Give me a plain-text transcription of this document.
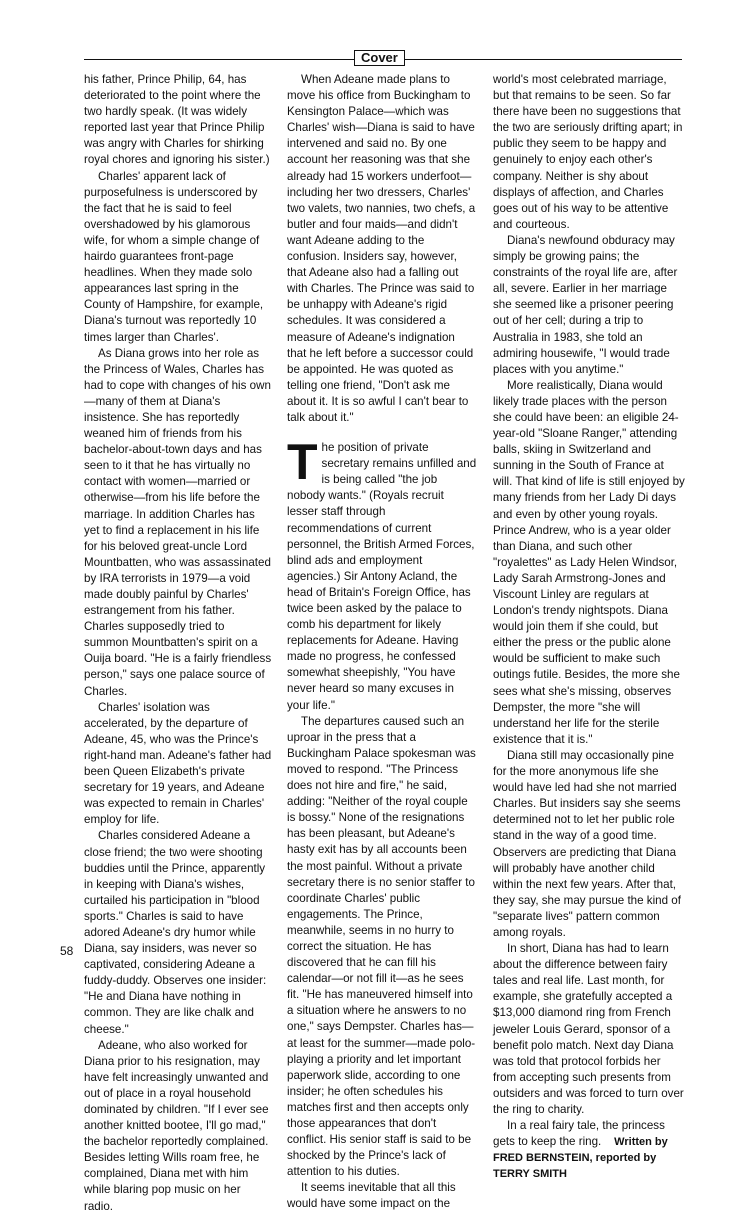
Cover

his father, Prince Philip, 64, has deteriorated to the point where the two hardly speak. (It was widely reported last year that Prince Philip was angry with Charles for shirking royal chores and ignoring his sister.)

Charles' apparent lack of purposefulness is underscored by the fact that he is said to feel overshadowed by his glamorous wife, for whom a simple change of hairdo guarantees front-page headlines. When they made solo appearances last spring in the County of Hampshire, for example, Diana's turnout was reportedly 10 times larger than Charles'.

As Diana grows into her role as the Princess of Wales, Charles has had to cope with changes of his own—many of them at Diana's insistence. She has reportedly weaned him of friends from his bachelor-about-town days and has seen to it that he has virtually no contact with women—married or otherwise—from his life before the marriage. In addition Charles has yet to find a replacement in his life for his beloved great-uncle Lord Mountbatten, who was assassinated by IRA terrorists in 1979—a void made doubly painful by Charles' estrangement from his father. Charles supposedly tried to summon Mountbatten's spirit on a Ouija board. "He is a fairly friendless person," says one palace source of Charles.

Charles' isolation was accelerated, by the departure of Adeane, 45, who was the Prince's right-hand man. Adeane's father had been Queen Elizabeth's private secretary for 19 years, and Adeane was expected to remain in Charles' employ for life.

Charles considered Adeane a close friend; the two were shooting buddies until the Prince, apparently in keeping with Diana's wishes, curtailed his participation in "blood sports." Charles is said to have adored Adeane's dry humor while Diana, say insiders, was never so captivated, considering Adeane a fuddy-duddy. Observes one insider: "He and Diana have nothing in common. They are like chalk and cheese."

Adeane, who also worked for Diana prior to his resignation, may have felt increasingly unwanted and out of place in a royal household dominated by children. "If I ever see another knitted bootee, I'll go mad," the bachelor reportedly complained. Besides letting Wills roam free, he complained, Diana met with him while blaring pop music on her radio.

When Adeane made plans to move his office from Buckingham to Kensington Palace—which was Charles' wish—Diana is said to have intervened and said no. By one account her reasoning was that she already had 15 workers underfoot—including her two dressers, Charles' two valets, two nannies, two chefs, a butler and four maids—and didn't want Adeane adding to the confusion. Insiders say, however, that Adeane also had a falling out with Charles. The Prince was said to be unhappy with Adeane's rigid schedules. It was considered a measure of Adeane's indignation that he left before a successor could be appointed. He was quoted as telling one friend, "Don't ask me about it. It is so awful I can't bear to talk about it."

The position of private secretary remains unfilled and is being called "the job nobody wants." (Royals recruit lesser staff through recommendations of current personnel, the British Armed Forces, blind ads and employment agencies.) Sir Antony Acland, the head of Britain's Foreign Office, has twice been asked by the palace to comb his department for likely replacements for Adeane. Having made no progress, he confessed somewhat sheepishly, "You have never heard so many excuses in your life."

The departures caused such an uproar in the press that a Buckingham Palace spokesman was moved to respond. "The Princess does not hire and fire," he said, adding: "Neither of the royal couple is bossy." None of the resignations has been pleasant, but Adeane's hasty exit has by all accounts been the most painful. Without a private secretary there is no senior staffer to coordinate Charles' public engagements. The Prince, meanwhile, seems in no hurry to correct the situation. He has discovered that he can fill his calendar—or not fill it—as he sees fit. "He has maneuvered himself into a situation where he answers to no one," says Dempster. Charles has—at least for the summer—made polo-playing a priority and let important paperwork slide, according to one insider; he often schedules his matches first and then accepts only those appearances that don't conflict. His senior staff is said to be shocked by the Prince's lack of attention to his duties.

It seems inevitable that all this would have some impact on the

world's most celebrated marriage, but that remains to be seen. So far there have been no suggestions that the two are seriously drifting apart; in public they seem to be happy and genuinely to enjoy each other's company. Neither is shy about displays of affection, and Charles goes out of his way to be attentive and courteous.

Diana's newfound obduracy may simply be growing pains; the constraints of the royal life are, after all, severe. Earlier in her marriage she seemed like a prisoner peering out of her cell; during a trip to Australia in 1983, she told an admiring housewife, "I would trade places with you anytime."

More realistically, Diana would likely trade places with the person she could have been: an eligible 24-year-old "Sloane Ranger," attending balls, skiing in Switzerland and sunning in the South of France at will. That kind of life is still enjoyed by many friends from her Lady Di days and even by other young royals. Prince Andrew, who is a year older than Diana, and such other "royalettes" as Lady Helen Windsor, Lady Sarah Armstrong-Jones and Viscount Linley are regulars at London's trendy nightspots. Diana would join them if she could, but either the press or the public alone would be sufficient to make such outings futile. Besides, the more she sees what she's missing, observes Dempster, the more "she will understand her life for the sterile existence that it is."

Diana still may occasionally pine for the more anonymous life she would have led had she not married Charles. But insiders say she seems determined not to let her public role stand in the way of a good time. Observers are predicting that Diana will probably have another child within the next few years. After that, they say, she may pursue the kind of "separate lives" pattern common among royals.

In short, Diana has had to learn about the difference between fairy tales and real life. Last month, for example, she gratefully accepted a $13,000 diamond ring from French jeweler Louis Gerard, sponsor of a benefit polo match. Next day Diana was told that protocol forbids her from accepting such presents from outsiders and was forced to turn over the ring to charity.

In a real fairy tale, the princess gets to keep the ring. Written by FRED BERNSTEIN, reported by TERRY SMITH

58
